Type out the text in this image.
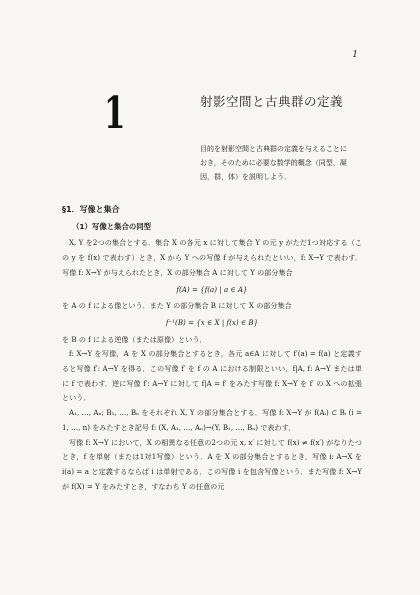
1
1	射影空間と古典群の定義
目的を射影空間と古典群の定義を与えることにおき，そのために必要な数学的概念（同型，凝因，群，体）を説明しよう．
§1．写像と集合
（1）写像と集合の同型

X, Y を2つの集合とする．集合 X の各元 x に対して集合 Y の元 y がただ1つ対応する（この y を f(x) で表わす）とき，X から Y への写像 f が与えられたといい，f: X→Y で表わす．写像 f: X→Y が与えられたとき，X の部分集合 A に対して Y の部分集合

f(A) = {f(a) | a ∈ A}

を A の f による像という．また Y の部分集合 B に対して X の部分集合

f⁻¹(B) = {x ∈ X | f(x) ∈ B}

を B の f による逆像（または原像）という．

f: X→Y を写像，A を X の部分集合とするとき，各元 a∈A に対して f′(a) = f(a) と定義すると写像 f′: A→Y を得る．この写像 f′ を f の A における制限といい，f|A, f: A→Y または単に f で表わす．逆に写像 f′: A→Y に対して f|A = f′ をみたす写像 f: X→Y を f′ の X への拡張という．

A₁, …, Aₙ; B₁, …, Bₙ をそれぞれ X, Y の部分集合とする．写像 f: X→Y が f(Aᵢ) ⊂ Bᵢ (i = 1, …, n) をみたすとき記号 f: (X, A₁, …, Aₙ)→(Y, B₁, …, Bₙ) で表わす．

写像 f: X→Y において，X の相異なる任意の2つの元 x, x′ に対して f(x) ≠ f(x′) がなりたつとき，f を単射（または1対1写像）という．A を X の部分集合とするとき，写像 i: A→X を i(a) = a と定義するならば i は単射である．この写像 i を包含写像という．また写像 f: X→Y が f(X) = Y をみたすとき，すなわち Y の任意の元
